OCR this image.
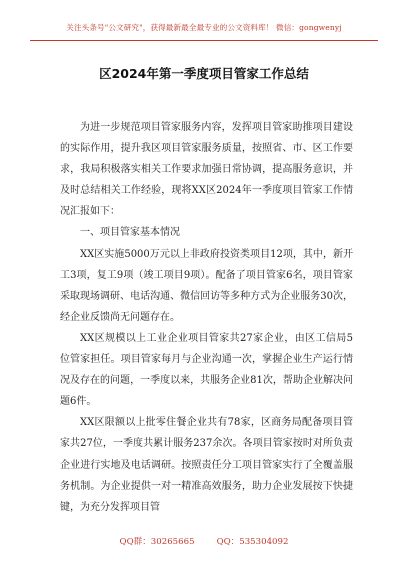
关注头条号"公文研究"，获得最新最全最专业的公文资料库！ 微信：gongwenyj
区2024年第一季度项目管家工作总结

为进一步规范项目管家服务内容，发挥项目管家助推项目建设的实际作用，提升我区项目管家服务质量，按照省、市、区工作要求，我局积极落实相关工作要求加强日常协调，提高服务意识，并及时总结相关工作经验，现将XX区2024年一季度项目管家工作情况汇报如下：

一、项目管家基本情况

XX区实施5000万元以上非政府投资类项目12项，其中，新开工3项，复工9项（竣工项目9项）。配备了项目管家6名，项目管家采取现场调研、电话沟通、微信回访等多种方式为企业服务30次，经企业反馈尚无问题存在。

XX区规模以上工业企业项目管家共27家企业，由区工信局5位管家担任。项目管家每月与企业沟通一次，掌握企业生产运行情况及存在的问题，一季度以来，共服务企业81次，帮助企业解决问题6件。

XX区限额以上批零住餐企业共有78家，区商务局配备项目管家共27位，一季度共累计服务237余次。各项目管家按时对所负责企业进行实地及电话调研。按照责任分工项目管家实行了全覆盖服务机制。为企业提供一对一精准高效服务，助力企业发展按下快捷键，为充分发挥项目管

QQ群：30265665	QQ：535304092
